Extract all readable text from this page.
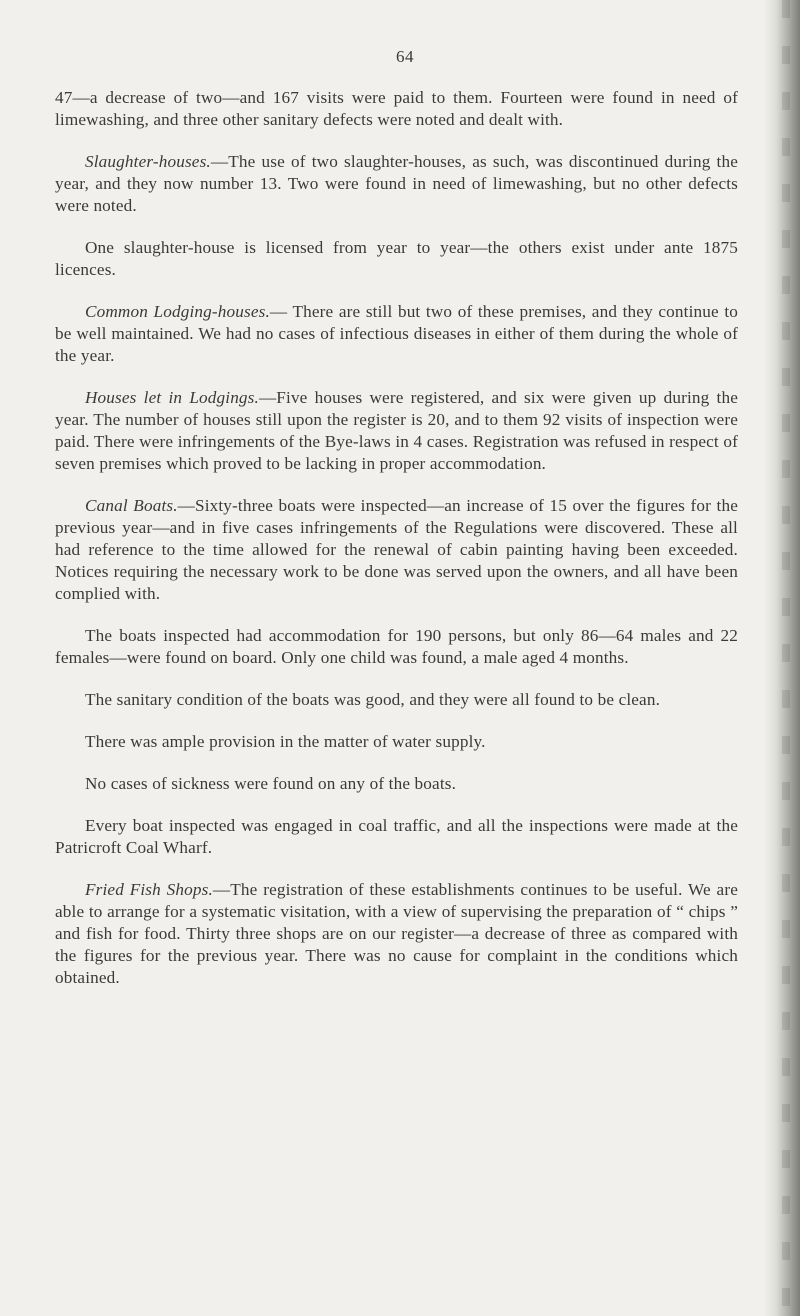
64

47—a decrease of two—and 167 visits were paid to them. Fourteen were found in need of limewashing, and three other sanitary defects were noted and dealt with.

Slaughter-houses.—The use of two slaughter-houses, as such, was discontinued during the year, and they now number 13. Two were found in need of limewashing, but no other defects were noted.

One slaughter-house is licensed from year to year—the others exist under ante 1875 licences.

Common Lodging-houses.— There are still but two of these premises, and they continue to be well maintained. We had no cases of infectious diseases in either of them during the whole of the year.

Houses let in Lodgings.—Five houses were registered, and six were given up during the year. The number of houses still upon the register is 20, and to them 92 visits of inspection were paid. There were infringements of the Bye-laws in 4 cases. Registration was refused in respect of seven premises which proved to be lacking in proper accommodation.

Canal Boats.—Sixty-three boats were inspected—an increase of 15 over the figures for the previous year—and in five cases infringements of the Regulations were discovered. These all had reference to the time allowed for the renewal of cabin painting having been exceeded. Notices requiring the necessary work to be done was served upon the owners, and all have been complied with.

The boats inspected had accommodation for 190 persons, but only 86—64 males and 22 females—were found on board. Only one child was found, a male aged 4 months.

The sanitary condition of the boats was good, and they were all found to be clean.

There was ample provision in the matter of water supply.

No cases of sickness were found on any of the boats.

Every boat inspected was engaged in coal traffic, and all the inspections were made at the Patricroft Coal Wharf.

Fried Fish Shops.—The registration of these establishments continues to be useful. We are able to arrange for a systematic visitation, with a view of supervising the preparation of “ chips ” and fish for food. Thirty three shops are on our register—a decrease of three as compared with the figures for the previous year. There was no cause for complaint in the conditions which obtained.
